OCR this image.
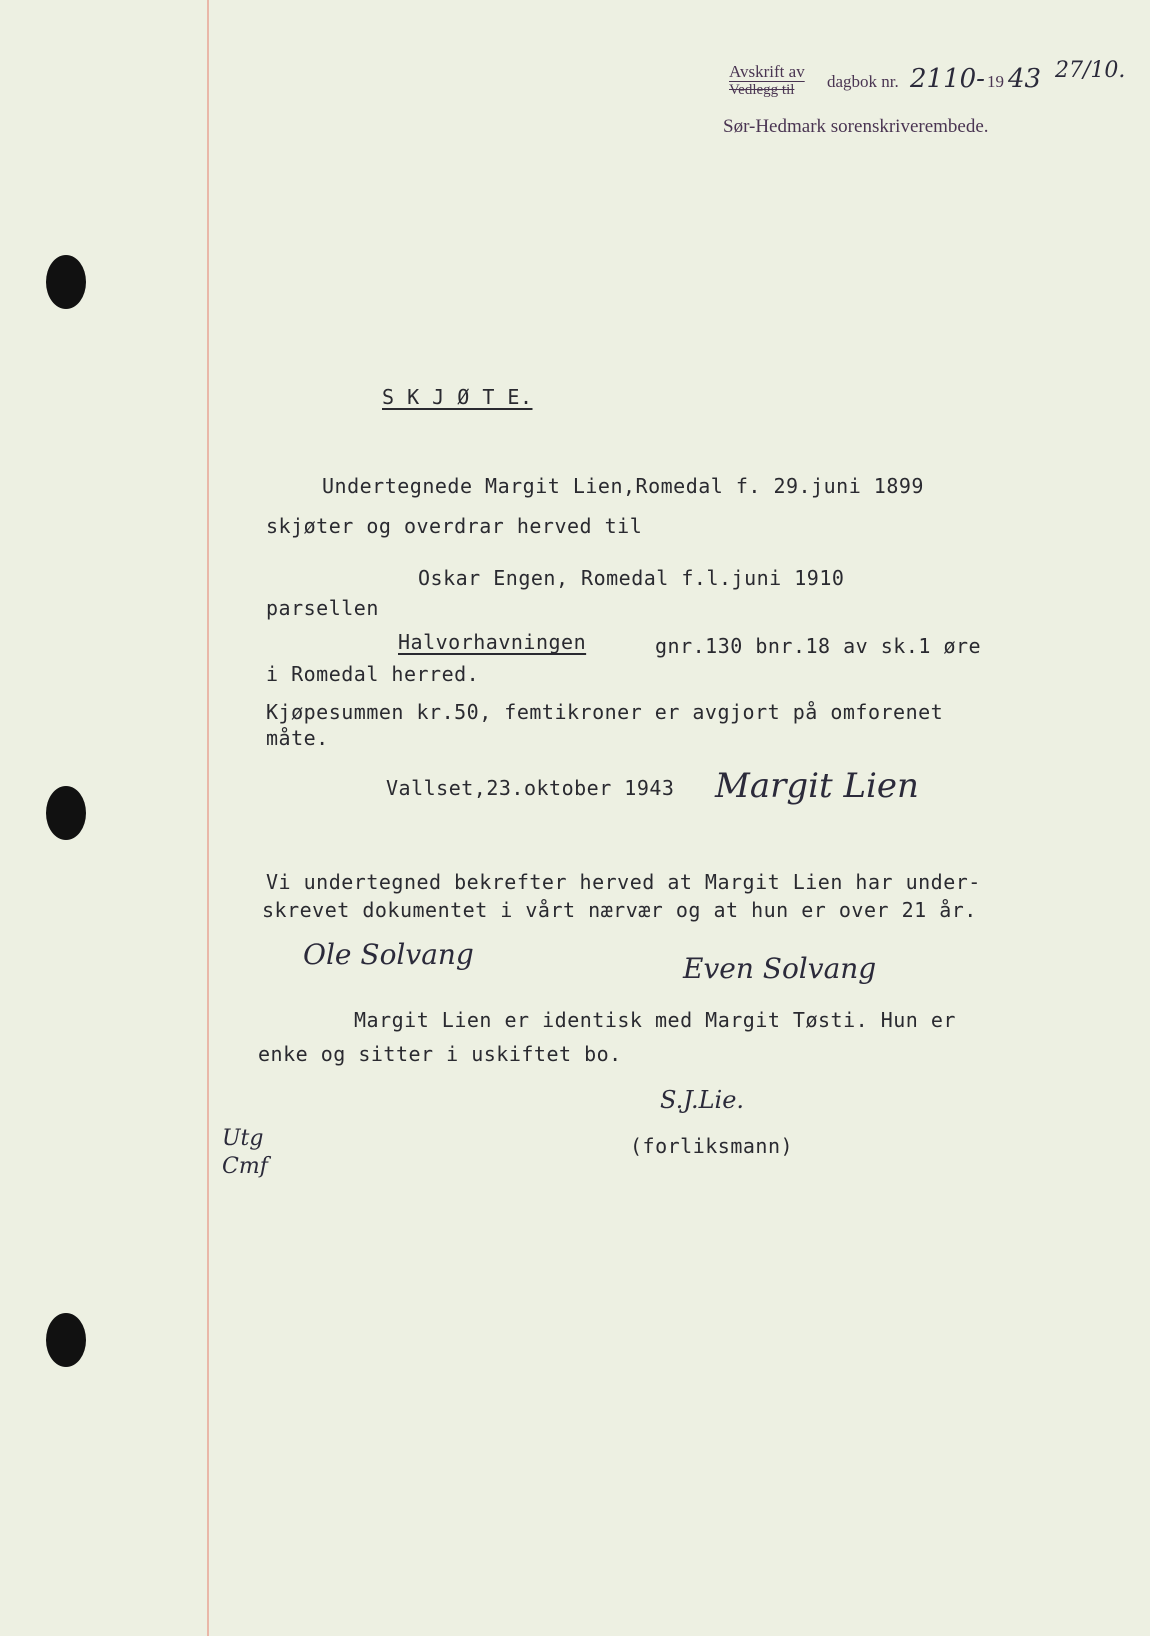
Avskrift av
Vedlegg til dagbok nr. 2110- 19 43 27/10.
Sør-Hedmark sorenskriverembede.
S K J Ø T E.
Undertegnede Margit Lien,Romedal f. 29.juni 1899
skjøter og overdrar herved til
Oskar Engen, Romedal f.l.juni 1910
parsellen
Halvorhavningen	gnr.130 bnr.18 av sk.1 øre
i Romedal herred.
Kjøpesummen kr.50, femtikroner er avgjort på omforenet
måte.
Vallset,23.oktober 1943 Margit Lien
Vi undertegned bekrefter herved at Margit Lien har under-
skrevet dokumentet i vårt nærvær og at hun er over 21 år.
Ole Solvang	Even Solvang
Margit Lien er identisk med Margit Tøsti. Hun er
enke og sitter i uskiftet bo.
S.J.Lie.
(forliksmann)
Utg Cmf
